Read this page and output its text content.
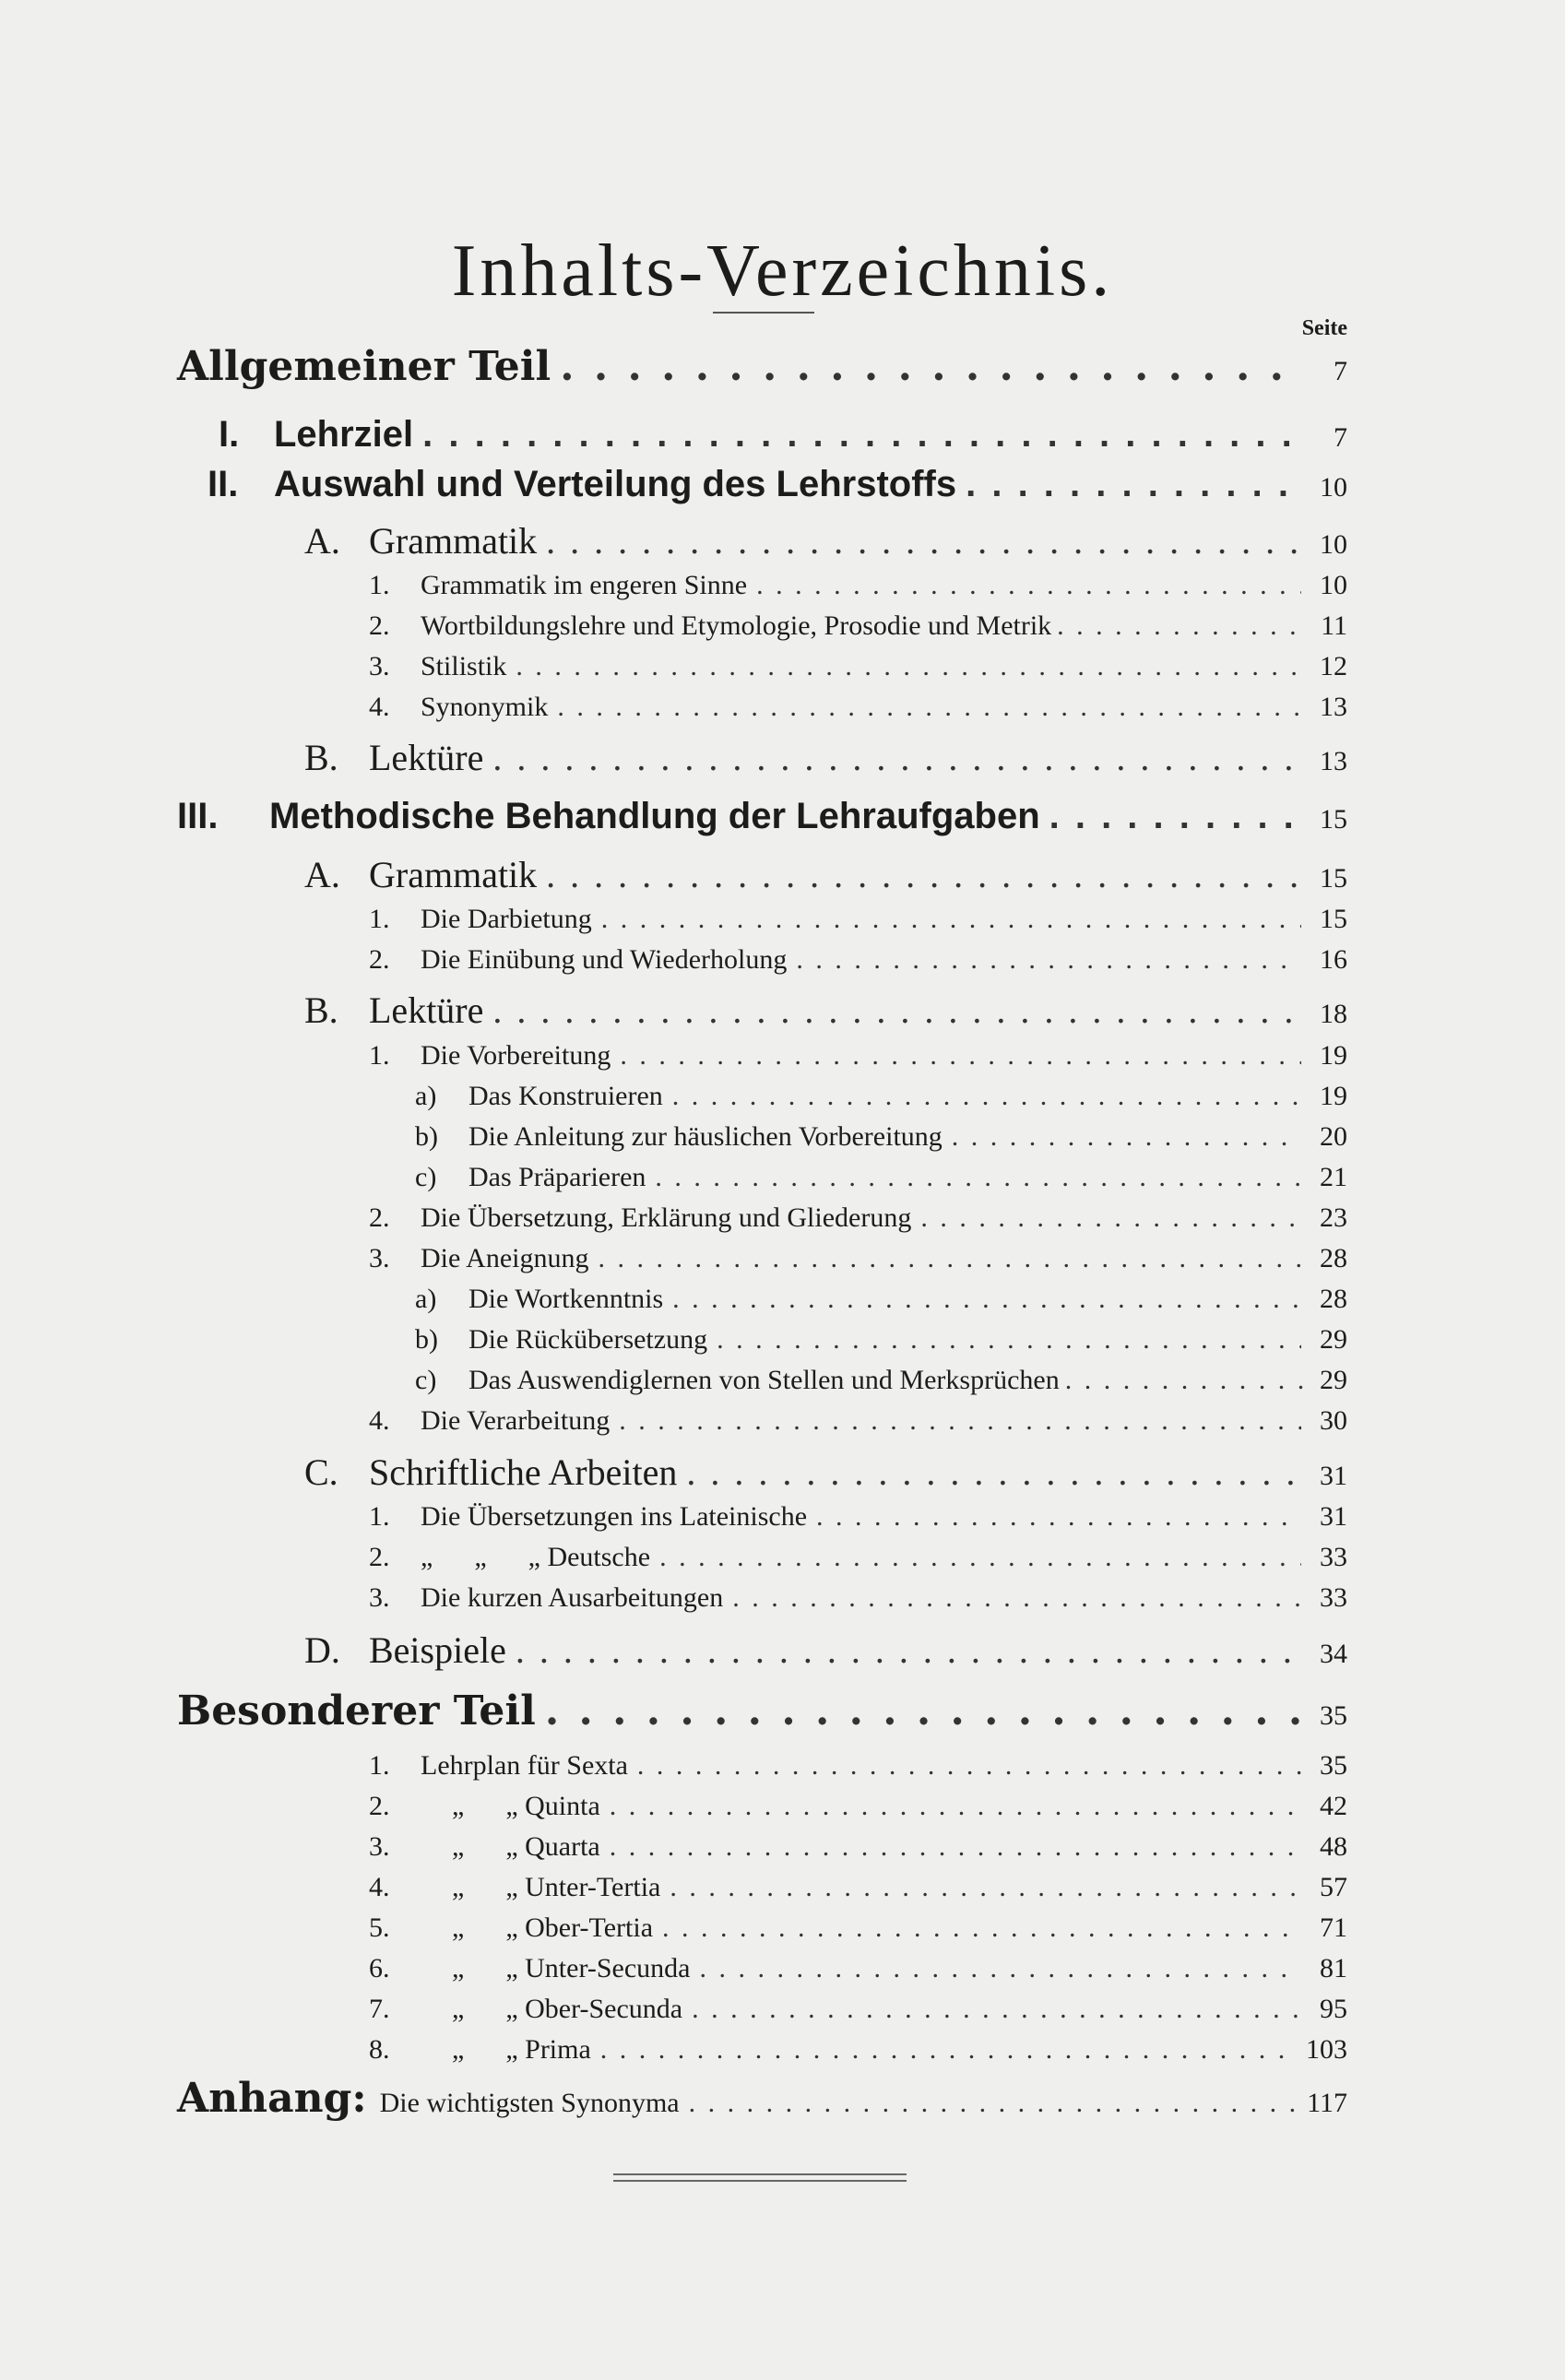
Inhalts-Verzeichnis.
Seite
Allgemeiner Teil . . .	7
I. Lehrziel . . .	7
II. Auswahl und Verteilung des Lehrstoffs . . .	10
A. Grammatik . . .	10
1.	Grammatik im engeren Sinne . . .	10
2.	Wortbildungslehre und Etymologie, Prosodie und Metrik . . .	11
3.	Stilistik . . .	12
4.	Synonymik . . .	13
B. Lektüre . . .	13
III.	Methodische Behandlung der Lehraufgaben . . .	15
A. Grammatik . . .	15
1.	Die Darbietung . . .	15
2.	Die Einübung und Wiederholung . . .	16
B. Lektüre . . .	18
1.	Die Vorbereitung . . .	19
a)	Das Konstruieren . . .	19
b)	Die Anleitung zur häuslichen Vorbereitung . . .	20
c)	Das Präparieren . . .	21
2.	Die Übersetzung, Erklärung und Gliederung . . .	23
3.	Die Aneignung . . .	28
a)	Die Wortkenntnis . . .	28
b)	Die Rückübersetzung . . .	29
c)	Das Auswendiglernen von Stellen und Merksprüchen . . .	29
4.	Die Verarbeitung . . .	30
C. Schriftliche Arbeiten . . .	31
1.	Die Übersetzungen ins Lateinische . . .	31
2.	„      „      „ Deutsche . . .	33
3.	Die kurzen Ausarbeitungen . . .	33
D. Beispiele . . .	34
Besonderer Teil . . .	35
1.	Lehrplan für Sexta . . .	35
2.	„      „ Quinta . . .	42
3.	„      „ Quarta . . .	48
4.	„      „ Unter-Tertia . . .	57
5.	„      „ Ober-Tertia . . .	71
6.	„      „ Unter-Secunda . . .	81
7.	„      „ Ober-Secunda . . .	95
8.	„      „ Prima . . .	103
Anhang: Die wichtigsten Synonyma . . .	117
